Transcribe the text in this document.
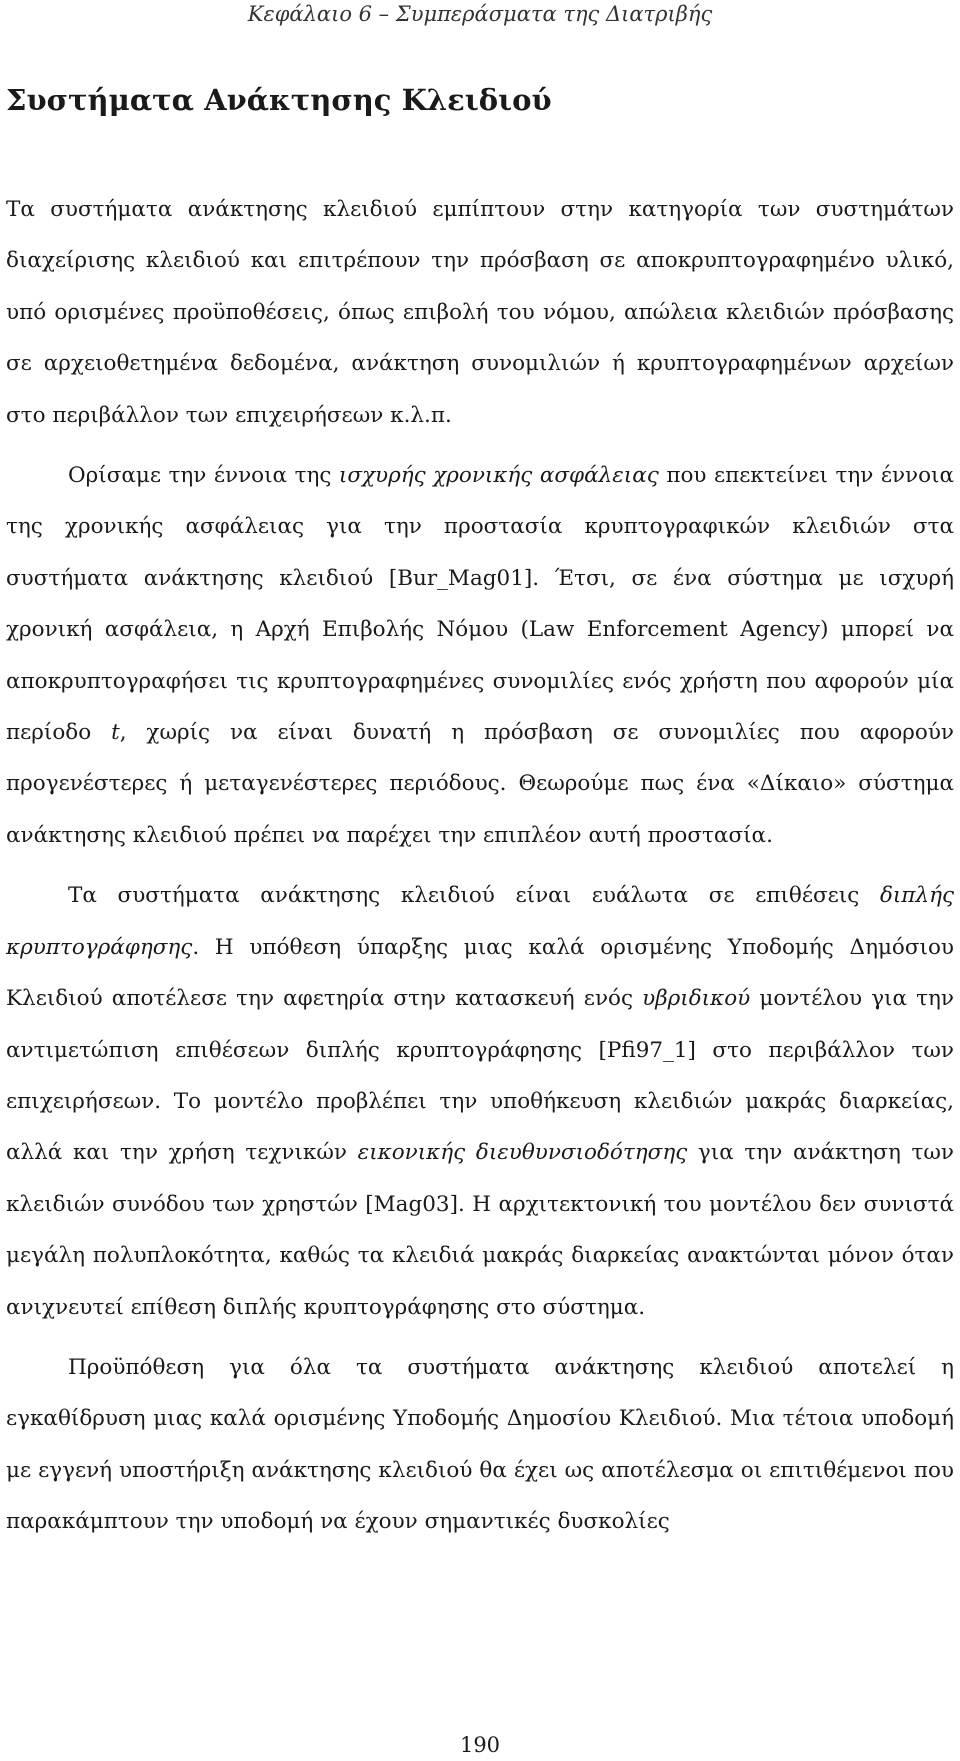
Κεφάλαιο 6 – Συμπεράσματα της Διατριβής
Συστήματα Ανάκτησης Κλειδιού

Τα συστήματα ανάκτησης κλειδιού εμπίπτουν στην κατηγορία των συστημάτων διαχείρισης κλειδιού και επιτρέπουν την πρόσβαση σε αποκρυπτογραφημένο υλικό, υπό ορισμένες προϋποθέσεις, όπως επιβολή του νόμου, απώλεια κλειδιών πρόσβασης σε αρχειοθετημένα δεδομένα, ανάκτηση συνομιλιών ή κρυπτογραφημένων αρχείων στο περιβάλλον των επιχειρήσεων κ.λ.π.

Ορίσαμε την έννοια της ισχυρής χρονικής ασφάλειας που επεκτείνει την έννοια της χρονικής ασφάλειας για την προστασία κρυπτογραφικών κλειδιών στα συστήματα ανάκτησης κλειδιού [Bur_Mag01]. Έτσι, σε ένα σύστημα με ισχυρή χρονική ασφάλεια, η Αρχή Επιβολής Νόμου (Law Enforcement Agency) μπορεί να αποκρυπτογραφήσει τις κρυπτογραφημένες συνομιλίες ενός χρήστη που αφορούν μία περίοδο t, χωρίς να είναι δυνατή η πρόσβαση σε συνομιλίες που αφορούν προγενέστερες ή μεταγενέστερες περιόδους. Θεωρούμε πως ένα «Δίκαιο» σύστημα ανάκτησης κλειδιού πρέπει να παρέχει την επιπλέον αυτή προστασία.

Τα συστήματα ανάκτησης κλειδιού είναι ευάλωτα σε επιθέσεις διπλής κρυπτογράφησης. Η υπόθεση ύπαρξης μιας καλά ορισμένης Υποδομής Δημόσιου Κλειδιού αποτέλεσε την αφετηρία στην κατασκευή ενός υβριδικού μοντέλου για την αντιμετώπιση επιθέσεων διπλής κρυπτογράφησης [Pfi97_1] στο περιβάλλον των επιχειρήσεων. Το μοντέλο προβλέπει την υποθήκευση κλειδιών μακράς διαρκείας, αλλά και την χρήση τεχνικών εικονικής διευθυνσιοδότησης για την ανάκτηση των κλειδιών συνόδου των χρηστών [Mag03]. Η αρχιτεκτονική του μοντέλου δεν συνιστά μεγάλη πολυπλοκότητα, καθώς τα κλειδιά μακράς διαρκείας ανακτώνται μόνον όταν ανιχνευτεί επίθεση διπλής κρυπτογράφησης στο σύστημα.

Προϋπόθεση για όλα τα συστήματα ανάκτησης κλειδιού αποτελεί η εγκαθίδρυση μιας καλά ορισμένης Υποδομής Δημοσίου Κλειδιού. Μια τέτοια υποδομή με εγγενή υποστήριξη ανάκτησης κλειδιού θα έχει ως αποτέλεσμα οι επιτιθέμενοι που παρακάμπτουν την υποδομή να έχουν σημαντικές δυσκολίες

190
